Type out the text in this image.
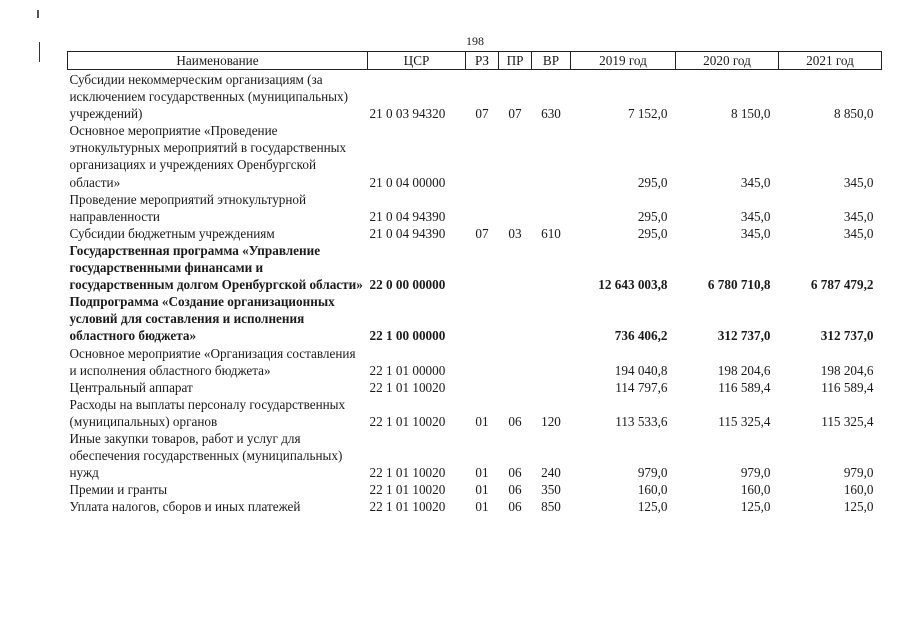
198
Наименование	ЦСР	РЗ	ПР	ВР	2019 год	2020 год	2021 год
Субсидии некоммерческим организациям (за исключением государственных (муниципальных) учреждений)	21 0 03 94320	07	07	630	7 152,0	8 150,0	8 850,0
Основное мероприятие «Проведение этнокультурных мероприятий в государственных организациях и учреждениях Оренбургской области»	21 0 04 00000				295,0	345,0	345,0
Проведение мероприятий этнокультурной направленности	21 0 04 94390				295,0	345,0	345,0
Субсидии бюджетным учреждениям	21 0 04 94390	07	03	610	295,0	345,0	345,0
Государственная программа «Управление государственными финансами и государственным долгом Оренбургской области»	22 0 00 00000				12 643 003,8	6 780 710,8	6 787 479,2
Подпрограмма «Создание организационных условий для составления и исполнения областного бюджета»	22 1 00 00000				736 406,2	312 737,0	312 737,0
Основное мероприятие «Организация составления и исполнения областного бюджета»	22 1 01 00000				194 040,8	198 204,6	198 204,6
Центральный аппарат	22 1 01 10020				114 797,6	116 589,4	116 589,4
Расходы на выплаты персоналу государственных (муниципальных) органов	22 1 01 10020	01	06	120	113 533,6	115 325,4	115 325,4
Иные закупки товаров, работ и услуг для обеспечения государственных (муниципальных) нужд	22 1 01 10020	01	06	240	979,0	979,0	979,0
Премии и гранты	22 1 01 10020	01	06	350	160,0	160,0	160,0
Уплата налогов, сборов и иных платежей	22 1 01 10020	01	06	850	125,0	125,0	125,0
